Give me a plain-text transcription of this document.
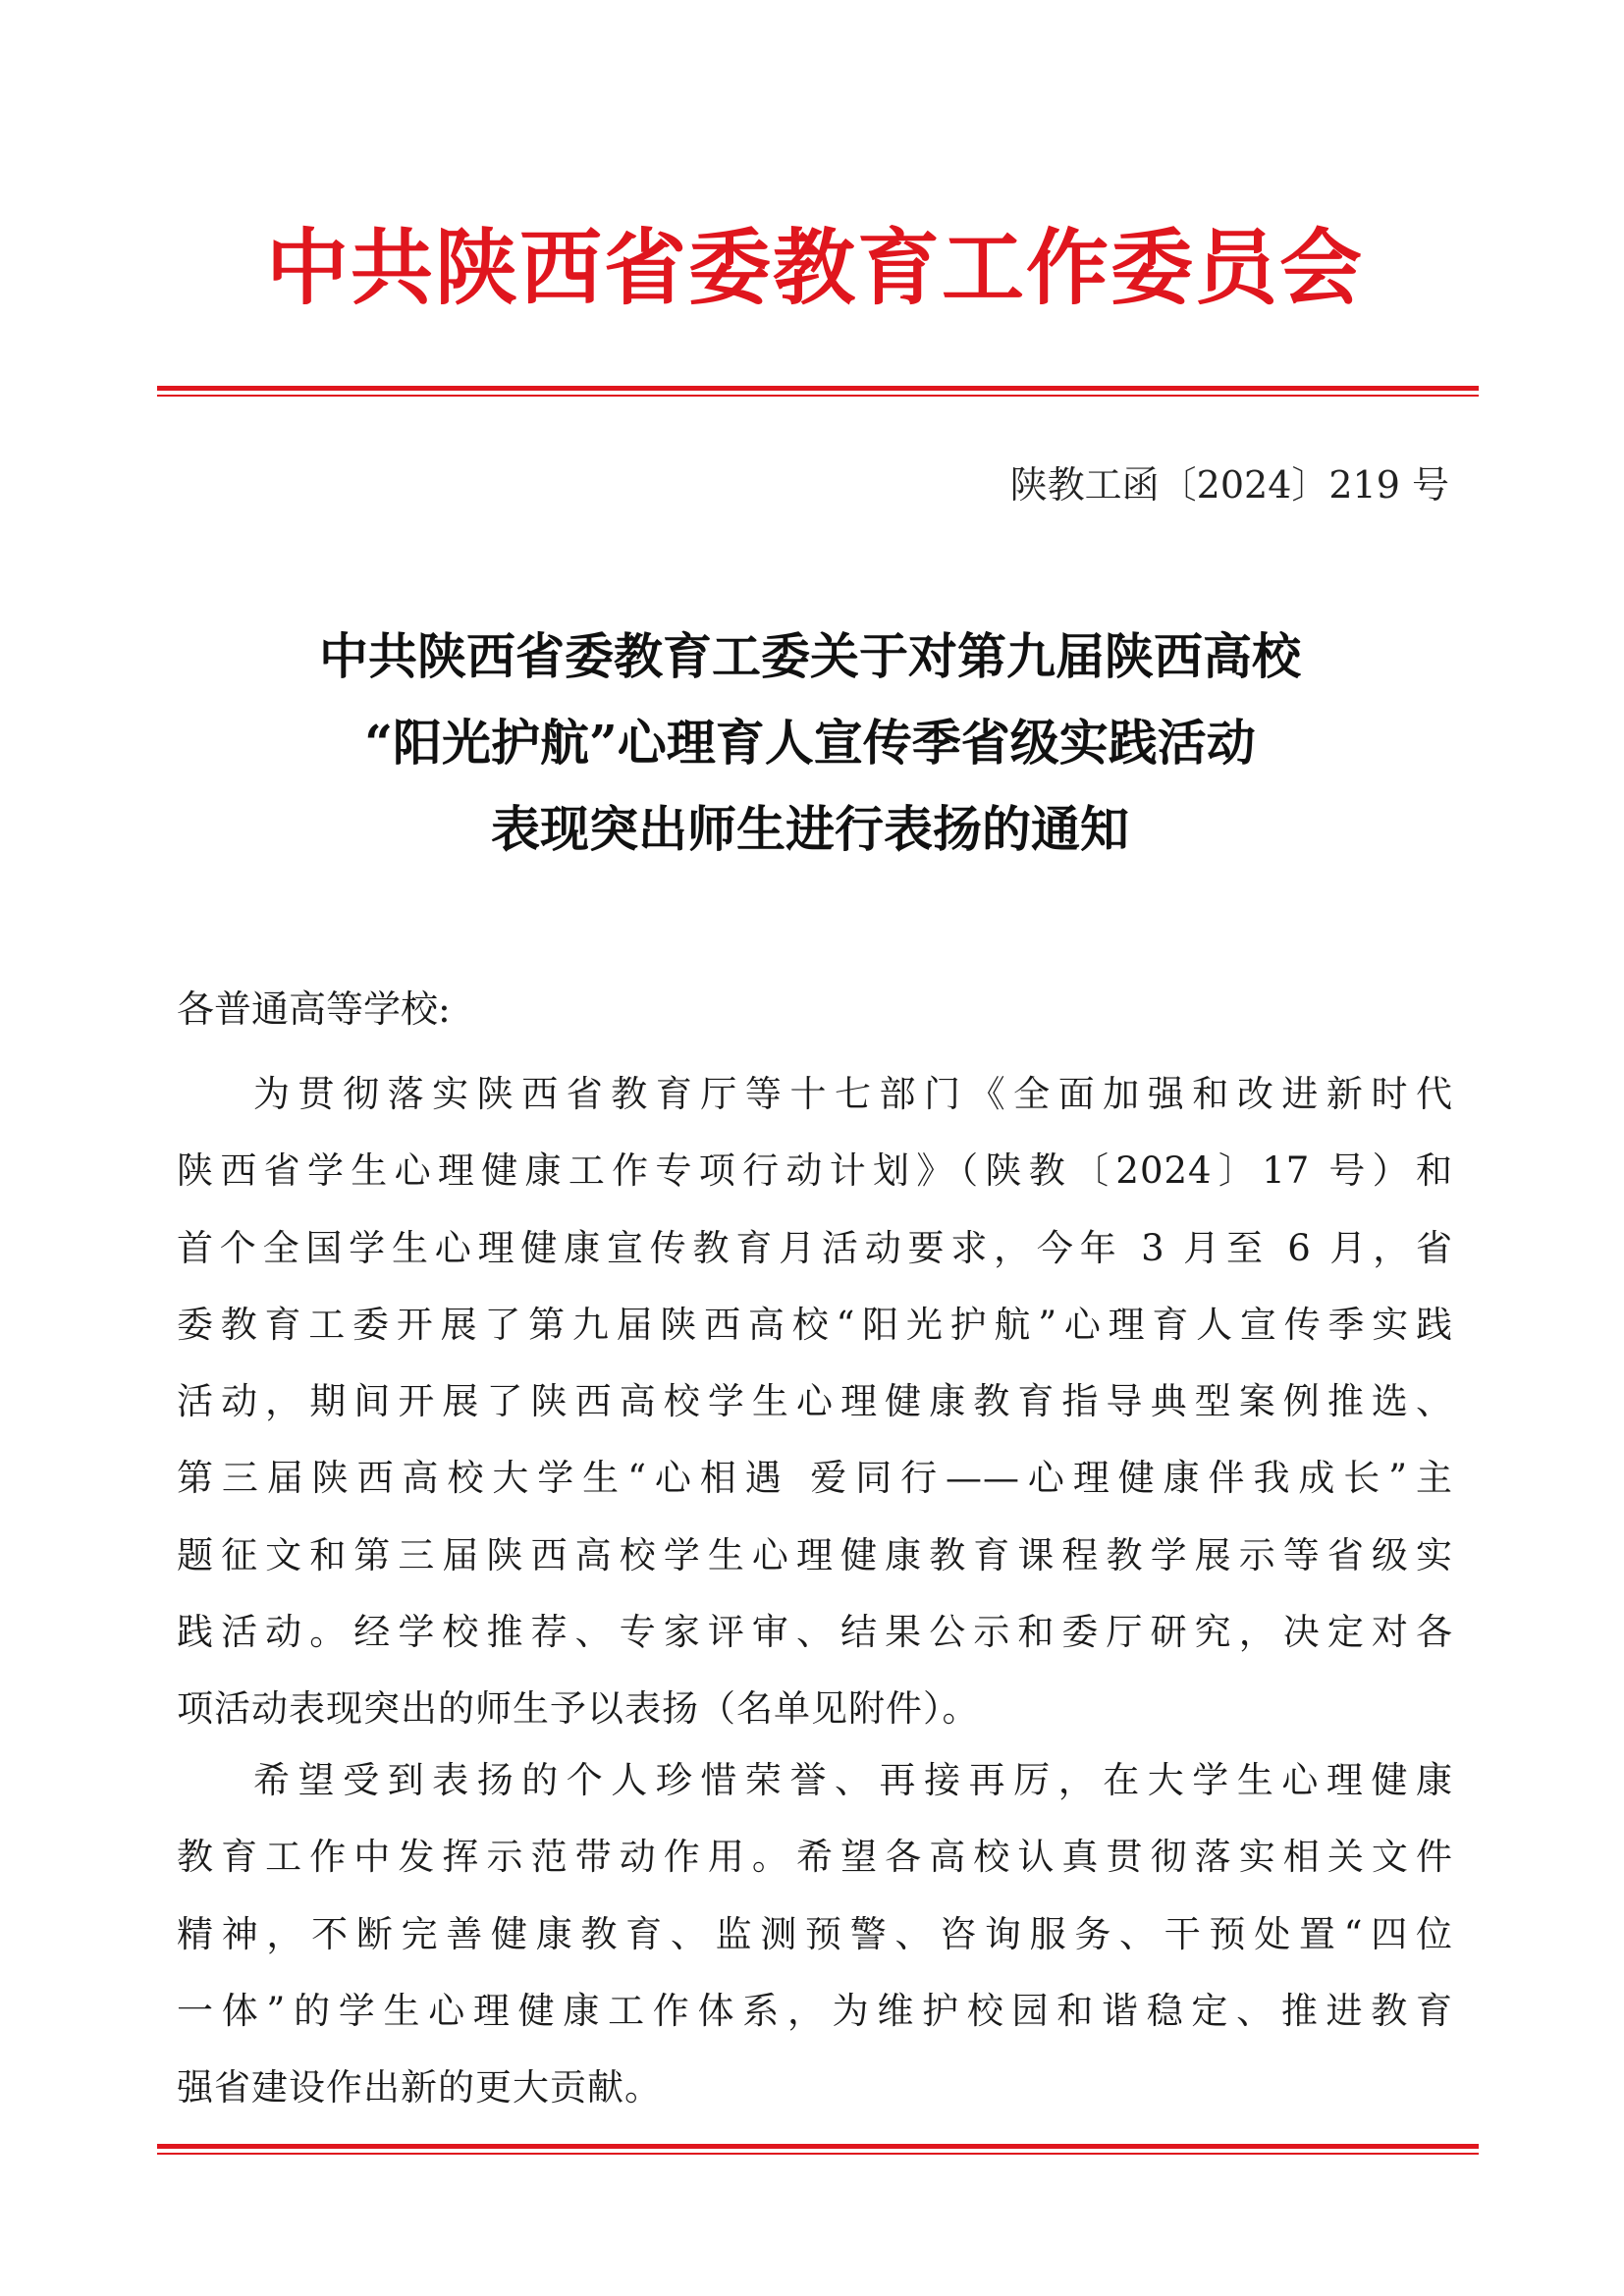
中共陕西省委教育工作委员会
陕教工函〔2024〕219 号
中共陕西省委教育工委关于对第九届陕西高校
“阳光护航”心理育人宣传季省级实践活动
表现突出师生进行表扬的通知
各普通高等学校:
为贯彻落实陕西省教育厅等十七部门《全面加强和改进新时代
陕西省学生心理健康工作专项行动计划》（陕教〔2024〕17 号）和
首个全国学生心理健康宣传教育月活动要求，今年 3 月至 6 月，省
委教育工委开展了第九届陕西高校“阳光护航”心理育人宣传季实践
活动，期间开展了陕西高校学生心理健康教育指导典型案例推选、
第三届陕西高校大学生“心相遇 爱同行——心理健康伴我成长”主
题征文和第三届陕西高校学生心理健康教育课程教学展示等省级实
践活动。经学校推荐、专家评审、结果公示和委厅研究，决定对各
项活动表现突出的师生予以表扬（名单见附件）。
希望受到表扬的个人珍惜荣誉、再接再厉，在大学生心理健康
教育工作中发挥示范带动作用。希望各高校认真贯彻落实相关文件
精神，不断完善健康教育、监测预警、咨询服务、干预处置“四位
一体”的学生心理健康工作体系，为维护校园和谐稳定、推进教育
强省建设作出新的更大贡献。
